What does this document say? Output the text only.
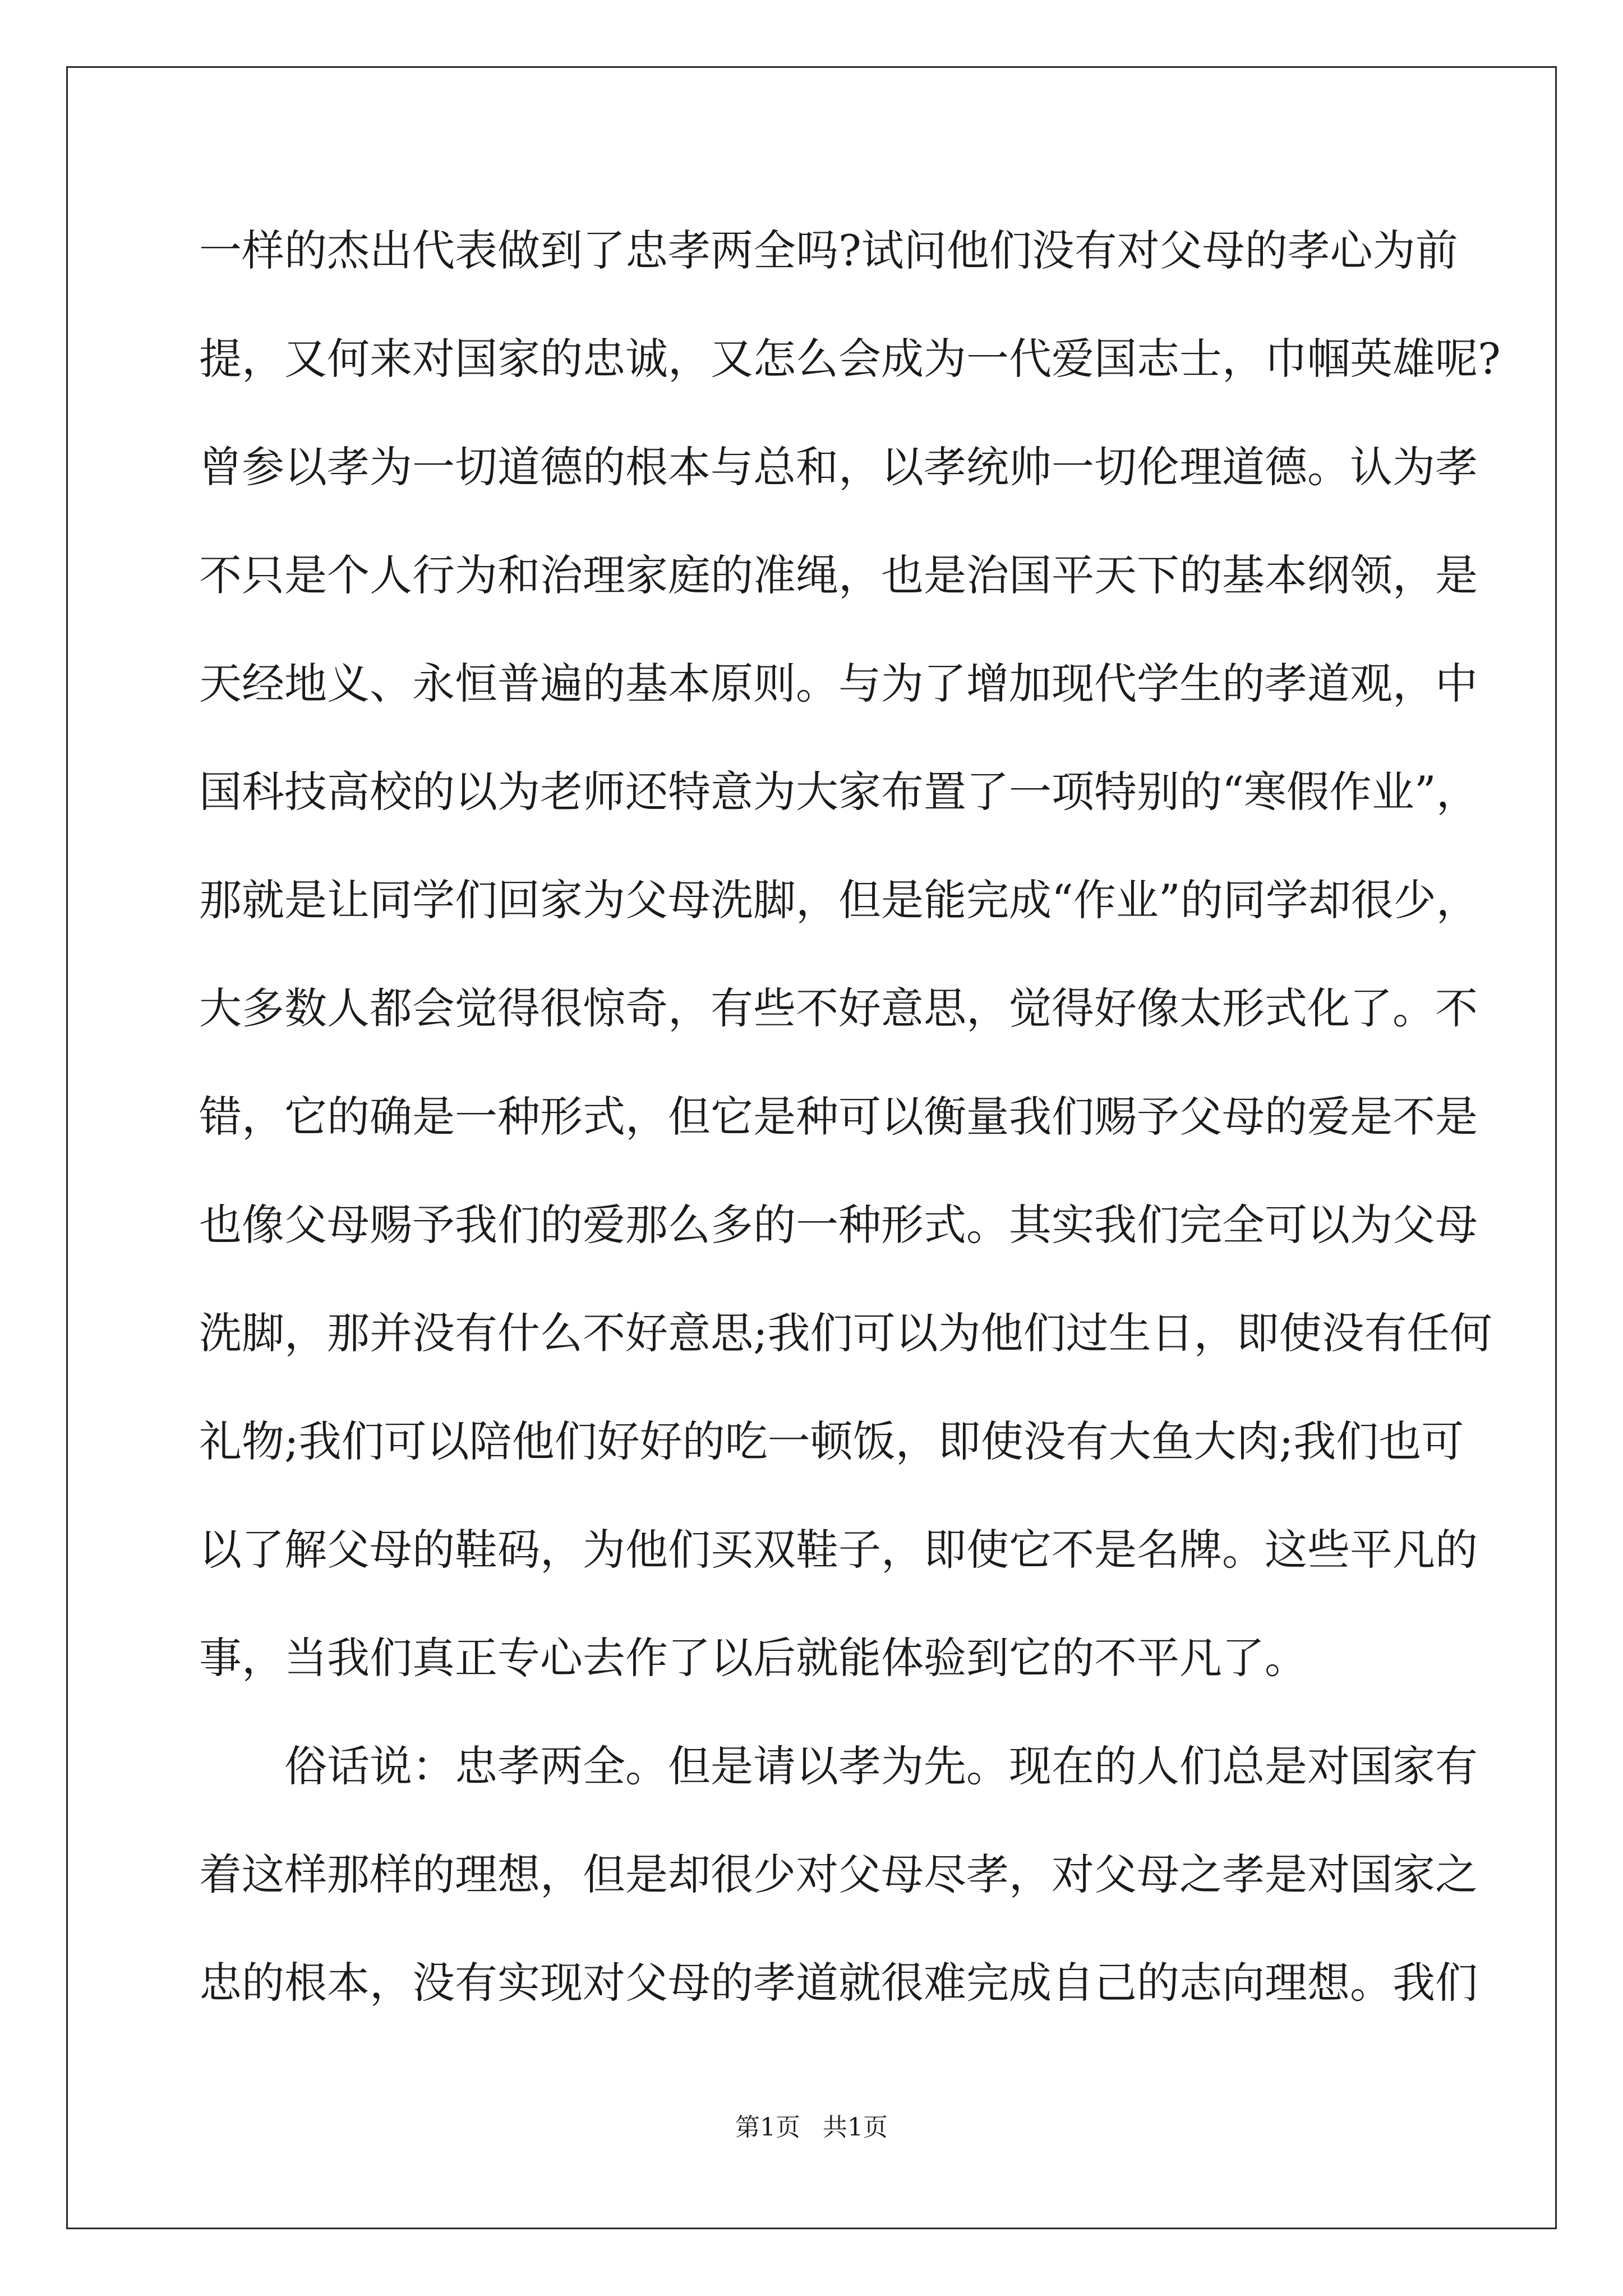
一样的杰出代表做到了忠孝两全吗?试问他们没有对父母的孝心为前
提，又何来对国家的忠诚，又怎么会成为一代爱国志士，巾帼英雄呢?
曾参以孝为一切道德的根本与总和，以孝统帅一切伦理道德。认为孝
不只是个人行为和治理家庭的准绳，也是治国平天下的基本纲领，是
天经地义、永恒普遍的基本原则。与为了增加现代学生的孝道观，中
国科技高校的以为老师还特意为大家布置了一项特别的“寒假作业”，
那就是让同学们回家为父母洗脚，但是能完成“作业”的同学却很少，
大多数人都会觉得很惊奇，有些不好意思，觉得好像太形式化了。不
错，它的确是一种形式，但它是种可以衡量我们赐予父母的爱是不是
也像父母赐予我们的爱那么多的一种形式。其实我们完全可以为父母
洗脚，那并没有什么不好意思;我们可以为他们过生日，即使没有任何
礼物;我们可以陪他们好好的吃一顿饭，即使没有大鱼大肉;我们也可
以了解父母的鞋码，为他们买双鞋子，即使它不是名牌。这些平凡的
事，当我们真正专心去作了以后就能体验到它的不平凡了。
俗话说：忠孝两全。但是请以孝为先。现在的人们总是对国家有
着这样那样的理想，但是却很少对父母尽孝，对父母之孝是对国家之
忠的根本，没有实现对父母的孝道就很难完成自己的志向理想。我们
第1页 共1页
